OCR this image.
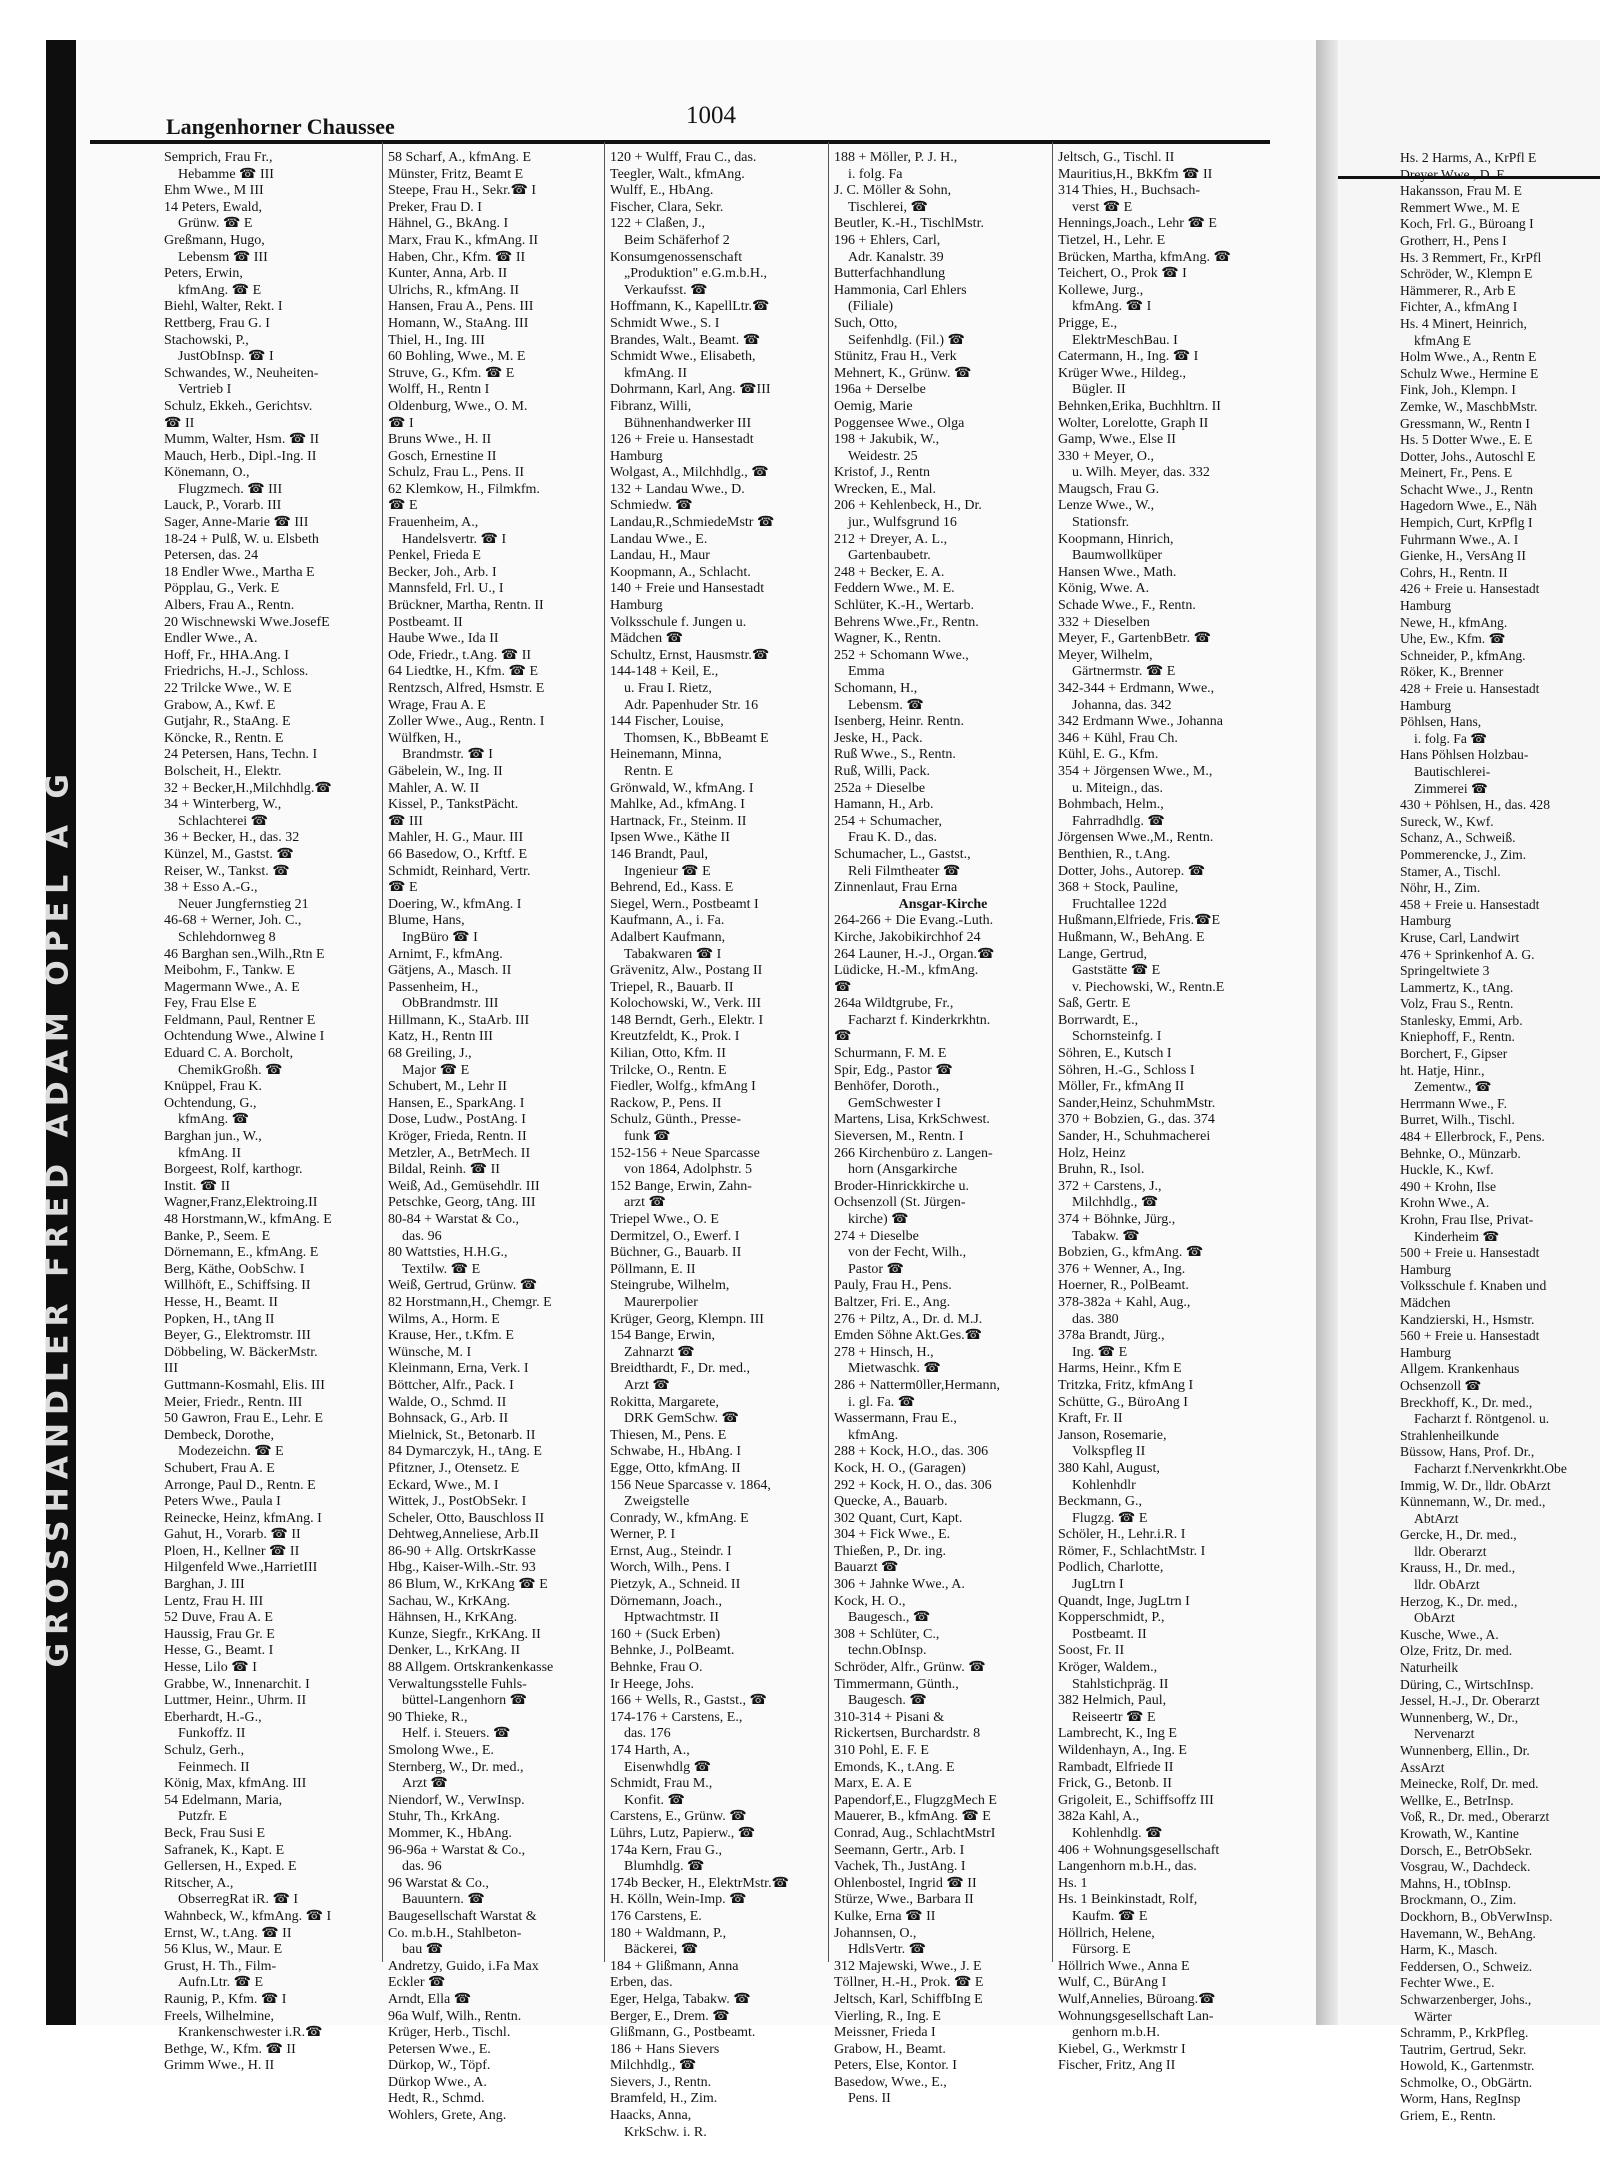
GROSSHANDLER FRED ADAM OPEL A G
Langenhorner Chaussee	1004
Semprich, Frau Fr.,
Hebamme ☎ III
Ehm Wwe., M III
14 Peters, Ewald,
Grünw. ☎ E
Greßmann, Hugo,
Lebensm ☎ III
Peters, Erwin,
kfmAng. ☎ E
Biehl, Walter, Rekt. I
Rettberg, Frau G. I
Stachowski, P.,
JustObInsp. ☎ I
Schwandes, W., Neuheiten-
Vertrieb I
Schulz, Ekkeh., Gerichtsv.
☎ II
Mumm, Walter, Hsm. ☎ II
Mauch, Herb., Dipl.-Ing. II
Könemann, O.,
Flugzmech. ☎ III
Lauck, P., Vorarb. III
Sager, Anne-Marie ☎ III
18-24 + Pulß, W. u. Elsbeth
Petersen, das. 24
18 Endler Wwe., Martha E
Pöpplau, G., Verk. E
Albers, Frau A., Rentn.
20 Wischnewski Wwe.JosefE
Endler Wwe., A.
Hoff, Fr., HHA.Ang. I
Friedrichs, H.-J., Schloss.
22 Trilcke Wwe., W. E
Grabow, A., Kwf. E
Gutjahr, R., StaAng. E
Köncke, R., Rentn. E
24 Petersen, Hans, Techn. I
Bolscheit, H., Elektr.
32 + Becker,H.,Milchhdlg.☎
34 + Winterberg, W.,
Schlachterei ☎
36 + Becker, H., das. 32
Künzel, M., Gastst. ☎
Reiser, W., Tankst. ☎
38 + Esso A.-G.,
Neuer Jungfernstieg 21
46-68 + Werner, Joh. C.,
Schlehdornweg 8
46 Barghan sen.,Wilh.,Rtn E
Meibohm, F., Tankw. E
Magermann Wwe., A. E
Fey, Frau Else E
Feldmann, Paul, Rentner E
Ochtendung Wwe., Alwine I
Eduard C. A. Borcholt,
ChemikGroßh. ☎
Knüppel, Frau K.
Ochtendung, G.,
kfmAng. ☎
Barghan jun., W.,
kfmAng. II
Borgeest, Rolf, karthogr.
Instit. ☎ II
Wagner,Franz,Elektroing.II
48 Horstmann,W., kfmAng. E
Banke, P., Seem. E
Dörnemann, E., kfmAng. E
Berg, Käthe, OobSchw. I
Willhöft, E., Schiffsing. II
Hesse, H., Beamt. II
Popken, H., tAng II
Beyer, G., Elektromstr. III
Döbbeling, W. BäckerMstr.
III
Guttmann-Kosmahl, Elis. III
Meier, Friedr., Rentn. III
50 Gawron, Frau E., Lehr. E
Dembeck, Dorothe,
Modezeichn. ☎ E
Schubert, Frau A. E
Arronge, Paul D., Rentn. E
Peters Wwe., Paula I
Reinecke, Heinz, kfmAng. I
Gahut, H., Vorarb. ☎ II
Ploen, H., Kellner ☎ II
Hilgenfeld Wwe.,HarrietIII
Barghan, J. III
Lentz, Frau H. III
52 Duve, Frau A. E
Haussig, Frau Gr. E
Hesse, G., Beamt. I
Hesse, Lilo ☎ I
Grabbe, W., Innenarchit. I
Luttmer, Heinr., Uhrm. II
Eberhardt, H.-G.,
Funkoffz. II
Schulz, Gerh.,
Feinmech. II
König, Max, kfmAng. III
54 Edelmann, Maria,
Putzfr. E
Beck, Frau Susi E
Safranek, K., Kapt. E
Gellersen, H., Exped. E
Ritscher, A.,
ObserregRat iR. ☎ I
Wahnbeck, W., kfmAng. ☎ I
Ernst, W., t.Ang. ☎ II
56 Klus, W., Maur. E
Grust, H. Th., Film-
Aufn.Ltr. ☎ E
Raunig, P., Kfm. ☎ I
Freels, Wilhelmine,
Krankenschwester i.R.☎
Bethge, W., Kfm. ☎ II
Grimm Wwe., H. II
58 Scharf, A., kfmAng. E
Münster, Fritz, Beamt E
Steepe, Frau H., Sekr.☎ I
Preker, Frau D. I
Hähnel, G., BkAng. I
Marx, Frau K., kfmAng. II
Haben, Chr., Kfm. ☎ II
Kunter, Anna, Arb. II
Ulrichs, R., kfmAng. II
Hansen, Frau A., Pens. III
Homann, W., StaAng. III
Thiel, H., Ing. III
60 Bohling, Wwe., M. E
Struve, G., Kfm. ☎ E
Wolff, H., Rentn I
Oldenburg, Wwe., O. M.
☎ I
Bruns Wwe., H. II
Gosch, Ernestine II
Schulz, Frau L., Pens. II
62 Klemkow, H., Filmkfm.
☎ E
Frauenheim, A.,
Handelsvertr. ☎ I
Penkel, Frieda E
Becker, Joh., Arb. I
Mannsfeld, Frl. U., I
Brückner, Martha, Rentn. II
Postbeamt. II
Haube Wwe., Ida II
Ode, Friedr., t.Ang. ☎ II
64 Liedtke, H., Kfm. ☎ E
Rentzsch, Alfred, Hsmstr. E
Wrage, Frau A. E
Zoller Wwe., Aug., Rentn. I
Wülfken, H.,
Brandmstr. ☎ I
Gäbelein, W., Ing. II
Mahler, A. W. II
Kissel, P., TankstPächt.
☎ III
Mahler, H. G., Maur. III
66 Basedow, O., Krftf. E
Schmidt, Reinhard, Vertr.
☎ E
Doering, W., kfmAng. I
Blume, Hans,
IngBüro ☎ I
Arnimt, F., kfmAng.
Gätjens, A., Masch. II
Passenheim, H.,
ObBrandmstr. III
Hillmann, K., StaArb. III
Katz, H., Rentn III
68 Greiling, J.,
Major ☎ E
Schubert, M., Lehr II
Hansen, E., SparkAng. I
Dose, Ludw., PostAng. I
Kröger, Frieda, Rentn. II
Metzler, A., BetrMech. II
Bildal, Reinh. ☎ II
Weiß, Ad., Gemüsehdlr. III
Petschke, Georg, tAng. III
80-84 + Warstat & Co.,
das. 96
80 Wattsties, H.H.G.,
Textilw. ☎ E
Weiß, Gertrud, Grünw. ☎
82 Horstmann,H., Chemgr. E
Wilms, A., Horm. E
Krause, Her., t.Kfm. E
Wünsche, M. I
Kleinmann, Erna, Verk. I
Böttcher, Alfr., Pack. I
Walde, O., Schmd. II
Bohnsack, G., Arb. II
Mielnick, St., Betonarb. II
84 Dymarczyk, H., tAng. E
Pfitzner, J., Otensetz. E
Eckard, Wwe., M. I
Wittek, J., PostObSekr. I
Scheler, Otto, Bauschloss II
Dehtweg,Anneliese, Arb.II
86-90 + Allg. OrtskrKasse
Hbg., Kaiser-Wilh.-Str. 93
86 Blum, W., KrKAng ☎ E
Sachau, W., KrKAng.
Hähnsen, H., KrKAng.
Kunze, Siegfr., KrKAng. II
Denker, L., KrKAng. II
88 Allgem. Ortskrankenkasse
Verwaltungsstelle Fuhls-
büttel-Langenhorn ☎
90 Thieke, R.,
Helf. i. Steuers. ☎
Smolong Wwe., E.
Sternberg, W., Dr. med.,
Arzt ☎
Niendorf, W., VerwInsp.
Stuhr, Th., KrkAng.
Mommer, K., HbAng.
96-96a + Warstat & Co.,
das. 96
96 Warstat & Co.,
Bauuntern. ☎
Baugesellschaft Warstat &
Co. m.b.H., Stahlbeton-
bau ☎
Andretzy, Guido, i.Fa Max
Eckler ☎
Arndt, Ella ☎
96a Wulf, Wilh., Rentn.
Krüger, Herb., Tischl.
Petersen Wwe., E.
Dürkop, W., Töpf.
Dürkop Wwe., A.
Hedt, R., Schmd.
Wohlers, Grete, Ang.
120 + Wulff, Frau C., das.
Teegler, Walt., kfmAng.
Wulff, E., HbAng.
Fischer, Clara, Sekr.
122 + Claßen, J.,
Beim Schäferhof 2
Konsumgenossenschaft
„Produktion" e.G.m.b.H.,
Verkaufsst. ☎
Hoffmann, K., KapellLtr.☎
Schmidt Wwe., S. I
Brandes, Walt., Beamt. ☎
Schmidt Wwe., Elisabeth,
kfmAng. II
Dohrmann, Karl, Ang. ☎III
Fibranz, Willi,
Bühnenhandwerker III
126 + Freie u. Hansestadt
Hamburg
Wolgast, A., Milchhdlg., ☎
132 + Landau Wwe., D.
Schmiedw. ☎
Landau,R.,SchmiedeMstr ☎
Landau Wwe., E.
Landau, H., Maur
Koopmann, A., Schlacht.
140 + Freie und Hansestadt
Hamburg
Volksschule f. Jungen u.
Mädchen ☎
Schultz, Ernst, Hausmstr.☎
144-148 + Keil, E.,
u. Frau I. Rietz,
Adr. Papenhuder Str. 16
144 Fischer, Louise,
Thomsen, K., BbBeamt E
Heinemann, Minna,
Rentn. E
Grönwald, W., kfmAng. I
Mahlke, Ad., kfmAng. I
Hartnack, Fr., Steinm. II
Ipsen Wwe., Käthe II
146 Brandt, Paul,
Ingenieur ☎ E
Behrend, Ed., Kass. E
Siegel, Wern., Postbeamt I
Kaufmann, A., i. Fa.
Adalbert Kaufmann,
Tabakwaren ☎ I
Grävenitz, Alw., Postang II
Triepel, R., Bauarb. II
Kolochowski, W., Verk. III
148 Berndt, Gerh., Elektr. I
Kreutzfeldt, K., Prok. I
Kilian, Otto, Kfm. II
Trilcke, O., Rentn. E
Fiedler, Wolfg., kfmAng I
Rackow, P., Pens. II
Schulz, Günth., Presse-
funk ☎
152-156 + Neue Sparcasse
von 1864, Adolphstr. 5
152 Bange, Erwin, Zahn-
arzt ☎
Triepel Wwe., O. E
Dermitzel, O., Ewerf. I
Büchner, G., Bauarb. II
Pöllmann, E. II
Steingrube, Wilhelm,
Maurerpolier
Krüger, Georg, Klempn. III
154 Bange, Erwin,
Zahnarzt ☎
Breidthardt, F., Dr. med.,
Arzt ☎
Rokitta, Margarete,
DRK GemSchw. ☎
Thiesen, M., Pens. E
Schwabe, H., HbAng. I
Egge, Otto, kfmAng. II
156 Neue Sparcasse v. 1864,
Zweigstelle
Conrady, W., kfmAng. E
Werner, P. I
Ernst, Aug., Steindr. I
Worch, Wilh., Pens. I
Pietzyk, A., Schneid. II
Dörnemann, Joach.,
Hptwachtmstr. II
160 + (Suck Erben)
Behnke, J., PolBeamt.
Behnke, Frau O.
Ir Heege, Johs.
166 + Wells, R., Gastst., ☎
174-176 + Carstens, E.,
das. 176
174 Harth, A.,
Eisenwhdlg ☎
Schmidt, Frau M.,
Konfit. ☎
Carstens, E., Grünw. ☎
Lührs, Lutz, Papierw., ☎
174a Kern, Frau G.,
Blumhdlg. ☎
174b Becker, H., ElektrMstr.☎
H. Kölln, Wein-Imp. ☎
176 Carstens, E.
180 + Waldmann, P.,
Bäckerei, ☎
184 + Glißmann, Anna
Erben, das.
Eger, Helga, Tabakw. ☎
Berger, E., Drem. ☎
Glißmann, G., Postbeamt.
186 + Hans Sievers
Milchhdlg., ☎
Sievers, J., Rentn.
Bramfeld, H., Zim.
Haacks, Anna,
KrkSchw. i. R.
188 + Möller, P. J. H.,
i. folg. Fa
J. C. Möller & Sohn,
Tischlerei, ☎
Beutler, K.-H., TischlMstr.
196 + Ehlers, Carl,
Adr. Kanalstr. 39
Butterfachhandlung
Hammonia, Carl Ehlers
(Filiale)
Such, Otto,
Seifenhdlg. (Fil.) ☎
Stünitz, Frau H., Verk
Mehnert, K., Grünw. ☎
196a + Derselbe
Oemig, Marie
Poggensee Wwe., Olga
198 + Jakubik, W.,
Weidestr. 25
Kristof, J., Rentn
Wrecken, E., Mal.
206 + Kehlenbeck, H., Dr.
jur., Wulfsgrund 16
212 + Dreyer, A. L.,
Gartenbaubetr.
248 + Becker, E. A.
Feddern Wwe., M. E.
Schlüter, K.-H., Wertarb.
Behrens Wwe.,Fr., Rentn.
Wagner, K., Rentn.
252 + Schomann Wwe.,
Emma
Schomann, H.,
Lebensm. ☎
Isenberg, Heinr. Rentn.
Jeske, H., Pack.
Ruß Wwe., S., Rentn.
Ruß, Willi, Pack.
252a + Dieselbe
Hamann, H., Arb.
254 + Schumacher,
Frau K. D., das.
Schumacher, L., Gastst.,
Reli Filmtheater ☎
Zinnenlaut, Frau Erna
Ansgar-Kirche
264-266 + Die Evang.-Luth.
Kirche, Jakobikirchhof 24
264 Launer, H.-J., Organ.☎
Lüdicke, H.-M., kfmAng.
☎
264a Wildtgrube, Fr.,
Facharzt f. Kinderkrkhtn.
☎
Schurmann, F. M. E
Spir, Edg., Pastor ☎
Benhöfer, Doroth.,
GemSchwester I
Martens, Lisa, KrkSchwest.
Sieversen, M., Rentn. I
266 Kirchenbüro z. Langen-
horn (Ansgarkirche
Broder-Hinrickkirche u.
Ochsenzoll (St. Jürgen-
kirche) ☎
274 + Dieselbe
von der Fecht, Wilh.,
Pastor ☎
Pauly, Frau H., Pens.
Baltzer, Fri. E., Ang.
276 + Piltz, A., Dr. d. M.J.
Emden Söhne Akt.Ges.☎
278 + Hinsch, H.,
Mietwaschk. ☎
286 + Natterm0ller,Hermann,
i. gl. Fa. ☎
Wassermann, Frau E.,
kfmAng.
288 + Kock, H.O., das. 306
Kock, H. O., (Garagen)
292 + Kock, H. O., das. 306
Quecke, A., Bauarb.
302 Quant, Curt, Kapt.
304 + Fick Wwe., E.
Thießen, P., Dr. ing.
Bauarzt ☎
306 + Jahnke Wwe., A.
Kock, H. O.,
Baugesch., ☎
308 + Schlüter, C.,
techn.ObInsp.
Schröder, Alfr., Grünw. ☎
Timmermann, Günth.,
Baugesch. ☎
310-314 + Pisani &
Rickertsen, Burchardstr. 8
310 Pohl, E. F. E
Emonds, K., t.Ang. E
Marx, E. A. E
Papendorf,E., FlugzgMech E
Mauerer, B., kfmAng. ☎ E
Conrad, Aug., SchlachtMstrI
Seemann, Gertr., Arb. I
Vachek, Th., JustAng. I
Ohlenbostel, Ingrid ☎ II
Stürze, Wwe., Barbara II
Kulke, Erna ☎ II
Johannsen, O.,
HdlsVertr. ☎
312 Majewski, Wwe., J. E
Töllner, H.-H., Prok. ☎ E
Jeltsch, Karl, SchiffbIng E
Vierling, R., Ing. E
Meissner, Frieda I
Grabow, H., Beamt.
Peters, Else, Kontor. I
Basedow, Wwe., E.,
Pens. II
Jeltsch, G., Tischl. II
Mauritius,H., BkKfm ☎ II
314 Thies, H., Buchsach-
verst ☎ E
Hennings,Joach., Lehr ☎ E
Tietzel, H., Lehr. E
Brücken, Martha, kfmAng. ☎
Teichert, O., Prok ☎ I
Kollewe, Jurg.,
kfmAng. ☎ I
Prigge, E.,
ElektrMeschBau. I
Catermann, H., Ing. ☎ I
Krüger Wwe., Hildeg.,
Bügler. II
Behnken,Erika, Buchhltrn. II
Wolter, Lorelotte, Graph II
Gamp, Wwe., Else II
330 + Meyer, O.,
u. Wilh. Meyer, das. 332
Maugsch, Frau G.
Lenze Wwe., W.,
Stationsfr.
Koopmann, Hinrich,
Baumwollküper
Hansen Wwe., Math.
König, Wwe. A.
Schade Wwe., F., Rentn.
332 + Dieselben
Meyer, F., GartenbBetr. ☎
Meyer, Wilhelm,
Gärtnermstr. ☎ E
342-344 + Erdmann, Wwe.,
Johanna, das. 342
342 Erdmann Wwe., Johanna
346 + Kühl, Frau Ch.
Kühl, E. G., Kfm.
354 + Jörgensen Wwe., M.,
u. Miteign., das.
Bohmbach, Helm.,
Fahrradhdlg. ☎
Jörgensen Wwe.,M., Rentn.
Benthien, R., t.Ang.
Dotter, Johs., Autorep. ☎
368 + Stock, Pauline,
Fruchtallee 122d
Hußmann,Elfriede, Fris.☎E
Hußmann, W., BehAng. E
Lange, Gertrud,
Gaststätte ☎ E
v. Piechowski, W., Rentn.E
Saß, Gertr. E
Borrwardt, E.,
Schornsteinfg. I
Söhren, E., Kutsch I
Söhren, H.-G., Schloss I
Möller, Fr., kfmAng II
Sander,Heinz, SchuhmMstr.
370 + Bobzien, G., das. 374
Sander, H., Schuhmacherei
Holz, Heinz
Bruhn, R., Isol.
372 + Carstens, J.,
Milchhdlg., ☎
374 + Böhnke, Jürg.,
Tabakw. ☎
Bobzien, G., kfmAng. ☎
376 + Wenner, A., Ing.
Hoerner, R., PolBeamt.
378-382a + Kahl, Aug.,
das. 380
378a Brandt, Jürg.,
Ing. ☎ E
Harms, Heinr., Kfm E
Tritzka, Fritz, kfmAng I
Schütte, G., BüroAng I
Kraft, Fr. II
Janson, Rosemarie,
Volkspfleg II
380 Kahl, August,
Kohlenhdlr
Beckmann, G.,
Flugzg. ☎ E
Schöler, H., Lehr.i.R. I
Römer, F., SchlachtMstr. I
Podlich, Charlotte,
JugLtrn I
Quandt, Inge, JugLtrn I
Kopperschmidt, P.,
Postbeamt. II
Soost, Fr. II
Kröger, Waldem.,
Stahlstichpräg. II
382 Helmich, Paul,
Reiseertr ☎ E
Lambrecht, K., Ing E
Wildenhayn, A., Ing. E
Rambadt, Elfriede II
Frick, G., Betonb. II
Grigoleit, E., Schiffsoffz III
382a Kahl, A.,
Kohlenhdlg. ☎
406 + Wohnungsgesellschaft
Langenhorn m.b.H., das.
Hs. 1
Hs. 1 Beinkinstadt, Rolf,
Kaufm. ☎ E
Höllrich, Helene,
Fürsorg. E
Höllrich Wwe., Anna E
Wulf, C., BürAng I
Wulf,Annelies, Büroang.☎
Wohnungsgesellschaft Lan-
genhorn m.b.H.
Kiebel, G., Werkmstr I
Fischer, Fritz, Ang II
Hs. 2 Harms, A., KrPfl E
Dreyer Wwe., D. E
Hakansson, Frau M. E
Remmert Wwe., M. E
Koch, Frl. G., Büroang I
Grotherr, H., Pens I
Hs. 3 Remmert, Fr., KrPfl
Schröder, W., Klempn E
Hämmerer, R., Arb E
Fichter, A., kfmAng I
Hs. 4 Minert, Heinrich,
kfmAng E
Holm Wwe., A., Rentn E
Schulz Wwe., Hermine E
Fink, Joh., Klempn. I
Zemke, W., MaschbMstr.
Gressmann, W., Rentn I
Hs. 5 Dotter Wwe., E. E
Dotter, Johs., Autoschl E
Meinert, Fr., Pens. E
Schacht Wwe., J., Rentn
Hagedorn Wwe., E., Näh
Hempich, Curt, KrPflg I
Fuhrmann Wwe., A. I
Gienke, H., VersAng II
Cohrs, H., Rentn. II
426 + Freie u. Hansestadt
Hamburg
Newe, H., kfmAng.
Uhe, Ew., Kfm. ☎
Schneider, P., kfmAng.
Röker, K., Brenner
428 + Freie u. Hansestadt
Hamburg
Pöhlsen, Hans,
i. folg. Fa ☎
Hans Pöhlsen Holzbau-
Bautischlerei-
Zimmerei ☎
430 + Pöhlsen, H., das. 428
Sureck, W., Kwf.
Schanz, A., Schweiß.
Pommerencke, J., Zim.
Stamer, A., Tischl.
Nöhr, H., Zim.
458 + Freie u. Hansestadt
Hamburg
Kruse, Carl, Landwirt
476 + Sprinkenhof A. G.
Springeltwiete 3
Lammertz, K., tAng.
Volz, Frau S., Rentn.
Stanlesky, Emmi, Arb.
Kniephoff, F., Rentn.
Borchert, F., Gipser
ht. Hatje, Hinr.,
Zementw., ☎
Herrmann Wwe., F.
Burret, Wilh., Tischl.
484 + Ellerbrock, F., Pens.
Behnke, O., Münzarb.
Huckle, K., Kwf.
490 + Krohn, Ilse
Krohn Wwe., A.
Krohn, Frau Ilse, Privat-
Kinderheim ☎
500 + Freie u. Hansestadt
Hamburg
Volksschule f. Knaben und
Mädchen
Kandzierski, H., Hsmstr.
560 + Freie u. Hansestadt
Hamburg
Allgem. Krankenhaus
Ochsenzoll ☎
Breckhoff, K., Dr. med.,
Facharzt f. Röntgenol. u.
Strahlenheilkunde
Büssow, Hans, Prof. Dr.,
Facharzt f.Nervenkrkht.Obe
Immig, W. Dr., lldr. ObArzt
Künnemann, W., Dr. med.,
AbtArzt
Gercke, H., Dr. med.,
lldr. Oberarzt
Krauss, H., Dr. med.,
lldr. ObArzt
Herzog, K., Dr. med.,
ObArzt
Kusche, Wwe., A.
Olze, Fritz, Dr. med.
Naturheilk
Düring, C., WirtschInsp.
Jessel, H.-J., Dr. Oberarzt
Wunnenberg, W., Dr.,
Nervenarzt
Wunnenberg, Ellin., Dr.
AssArzt
Meinecke, Rolf, Dr. med.
Wellke, E., BetrInsp.
Voß, R., Dr. med., Oberarzt
Krowath, W., Kantine
Dorsch, E., BetrObSekr.
Vosgrau, W., Dachdeck.
Mahns, H., tObInsp.
Brockmann, O., Zim.
Dockhorn, B., ObVerwInsp.
Havemann, W., BehAng.
Harm, K., Masch.
Feddersen, O., Schweiz.
Fechter Wwe., E.
Schwarzenberger, Johs.,
Wärter
Schramm, P., KrkPfleg.
Tautrim, Gertrud, Sekr.
Howold, K., Gartenmstr.
Schmolke, O., ObGärtn.
Worm, Hans, RegInsp
Griem, E., Rentn.
